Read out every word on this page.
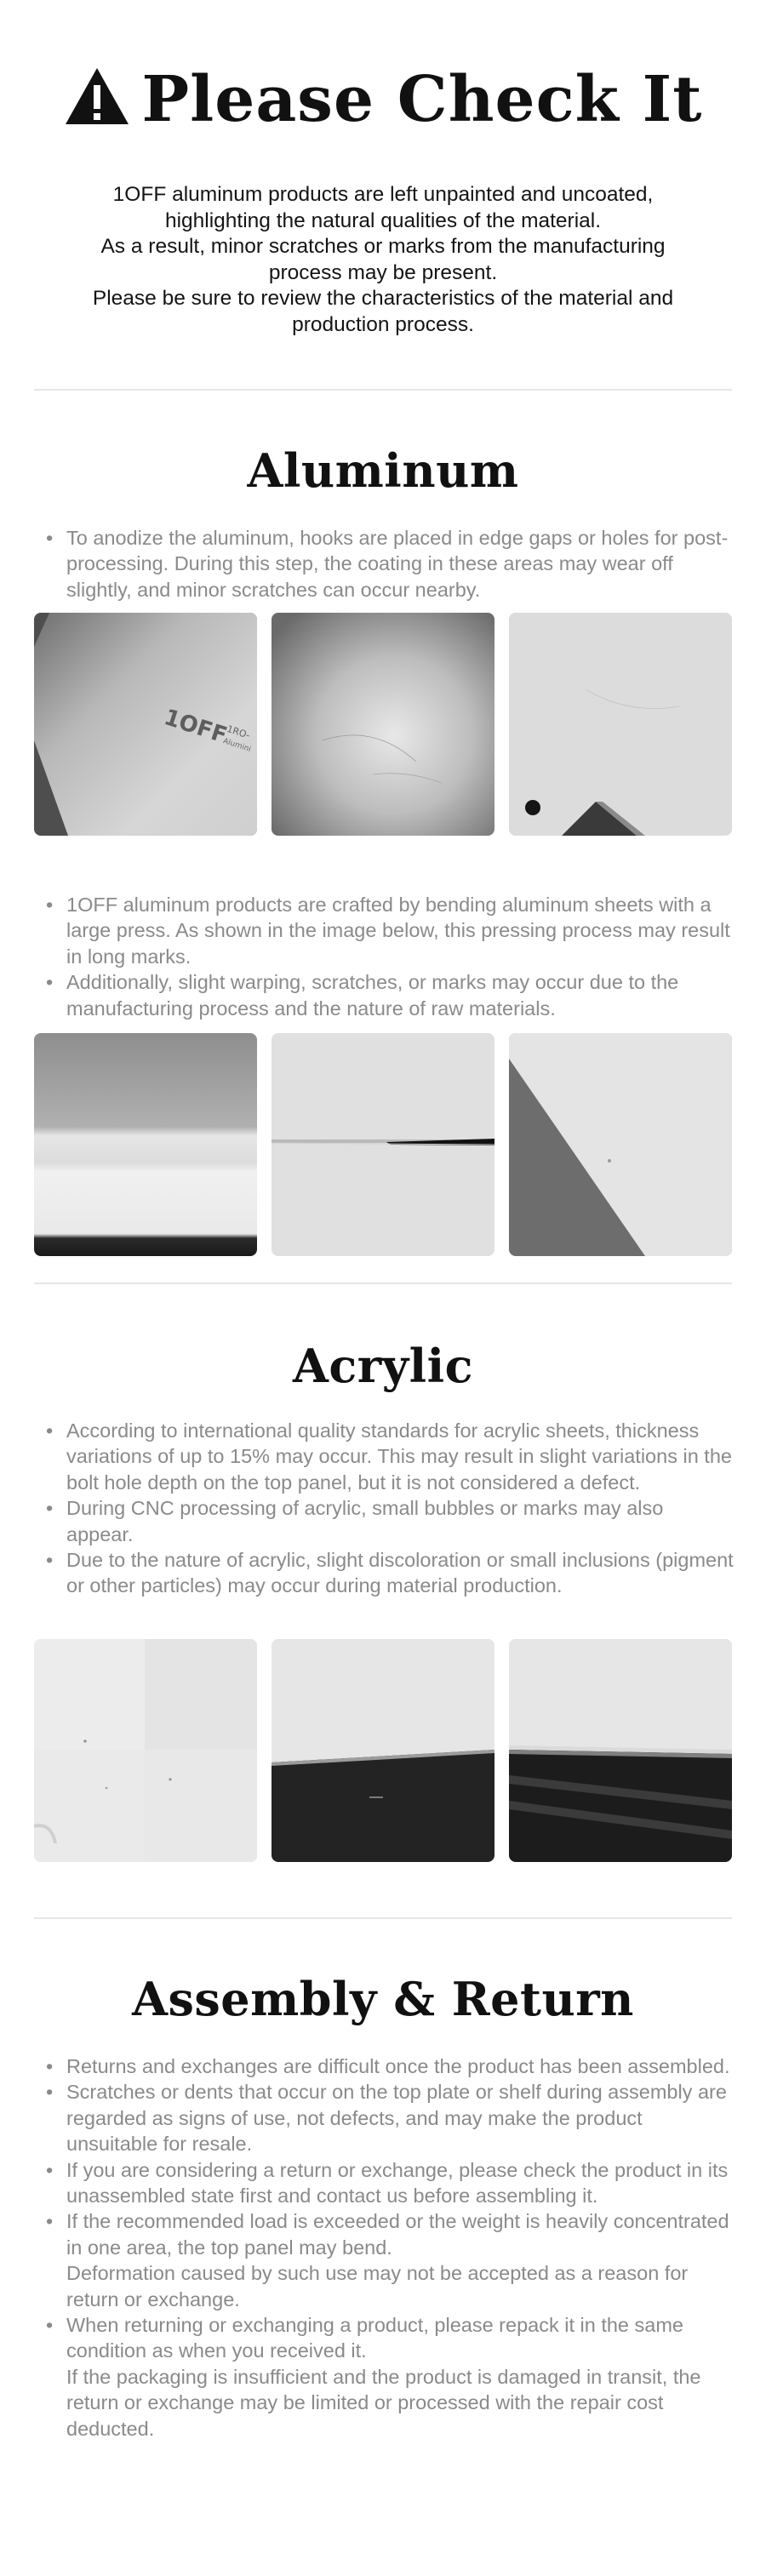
Please Check It

1OFF aluminum products are left unpainted and uncoated,

highlighting the natural qualities of the material.

As a result, minor scratches or marks from the manufacturing

process may be present.

Please be sure to review the characteristics of the material and

production process.

Aluminum
• To anodize the aluminum, hooks are placed in edge gaps or holes for post-processing. During this step, the coating in these areas may wear off slightly, and minor scratches can occur nearby.
1OFF
1RO-
Alumini
• 1OFF aluminum products are crafted by bending aluminum sheets with a large press. As shown in the image below, this pressing process may result in long marks.
• Additionally, slight warping, scratches, or marks may occur due to the manufacturing process and the nature of raw materials.
Acrylic
• According to international quality standards for acrylic sheets, thickness variations of up to 15% may occur. This may result in slight variations in the bolt hole depth on the top panel, but it is not considered a defect.
• During CNC processing of acrylic, small bubbles or marks may also appear.
• Due to the nature of acrylic, slight discoloration or small inclusions (pigment or other particles) may occur during material production.
Assembly & Return
• Returns and exchanges are difficult once the product has been assembled.
• Scratches or dents that occur on the top plate or shelf during assembly are regarded as signs of use, not defects, and may make the product unsuitable for resale.
• If you are considering a return or exchange, please check the product in its unassembled state first and contact us before assembling it.
• If the recommended load is exceeded or the weight is heavily concentrated in one area, the top panel may bend.
Deformation caused by such use may not be accepted as a reason for return or exchange.
• When returning or exchanging a product, please repack it in the same condition as when you received it.
If the packaging is insufficient and the product is damaged in transit, the return or exchange may be limited or processed with the repair cost deducted.
